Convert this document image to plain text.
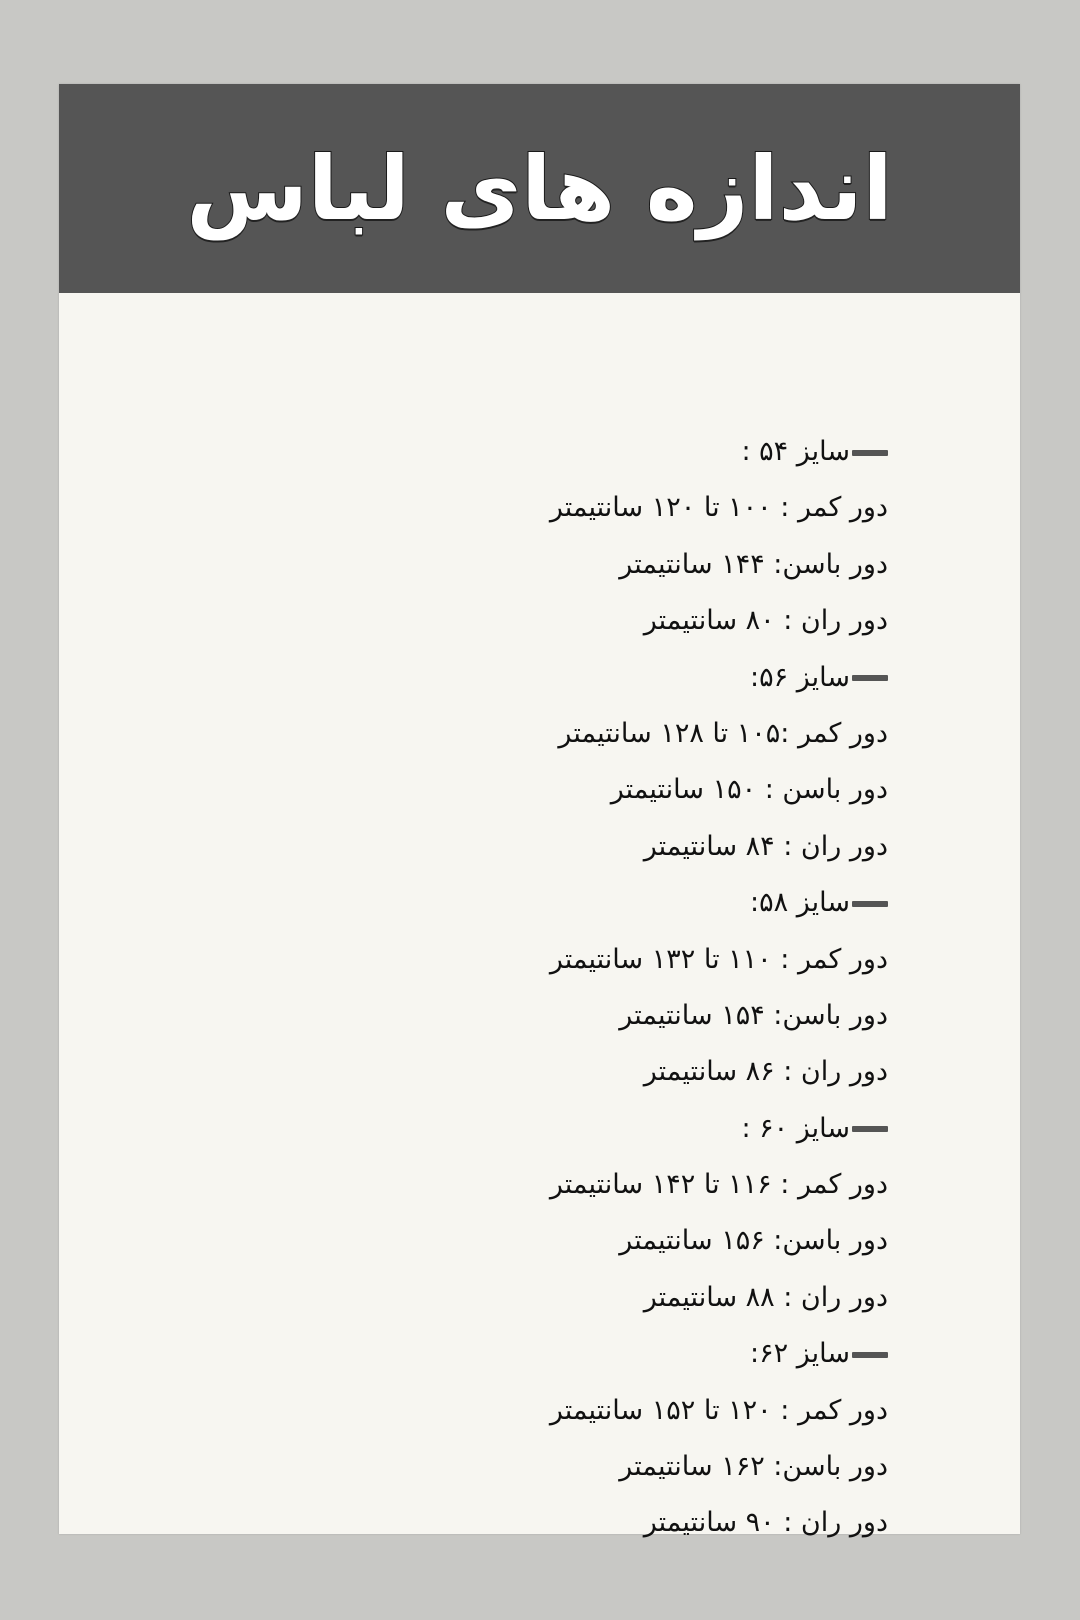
اندازه های لباس
سایز ۵۴ :
دور کمر : ۱۰۰ تا ۱۲۰ سانتیمتر
دور باسن: ۱۴۴ سانتیمتر
دور ران : ۸۰ سانتیمتر
سایز ۵۶:
دور کمر :۱۰۵ تا ۱۲۸ سانتیمتر
دور باسن : ۱۵۰ سانتیمتر
دور ران : ۸۴ سانتیمتر
سایز ۵۸:
دور کمر : ۱۱۰ تا ۱۳۲ سانتیمتر
دور باسن: ۱۵۴ سانتیمتر
دور ران : ۸۶ سانتیمتر
سایز ۶۰ :
دور کمر : ۱۱۶ تا ۱۴۲ سانتیمتر
دور باسن: ۱۵۶ سانتیمتر
دور ران : ۸۸ سانتیمتر
سایز ۶۲:
دور کمر : ۱۲۰ تا ۱۵۲ سانتیمتر
دور باسن: ۱۶۲ سانتیمتر
دور ران : ۹۰ سانتیمتر
